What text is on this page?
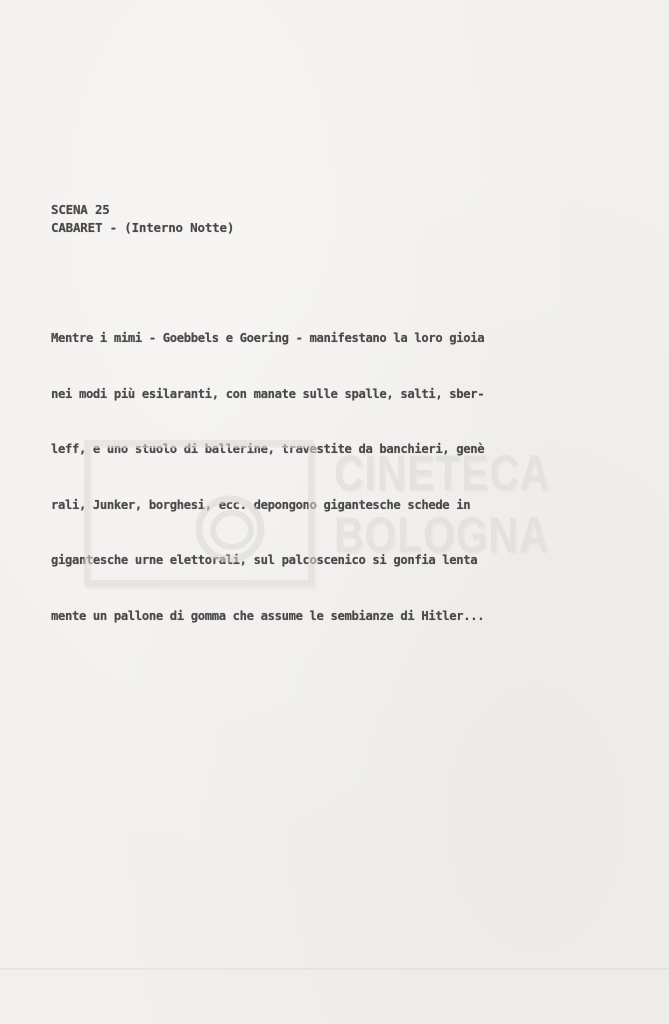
SCENA 25
CABARET - (Interno Notte)

Mentre i mimi - Goebbels e Goering - manifestano la loro gioia

nei modi più esilaranti, con manate sulle spalle, salti, sber-

leff, e uno stuolo di ballerine, travestite da banchieri, genè

rali, Junker, borghesi, ecc. depongono gigantesche schede in

gigantesche urne elettorali, sul palcoscenico si gonfia lenta

mente un pallone di gomma che assume le sembianze di Hitler...

CINETECA
BOLOGNA
